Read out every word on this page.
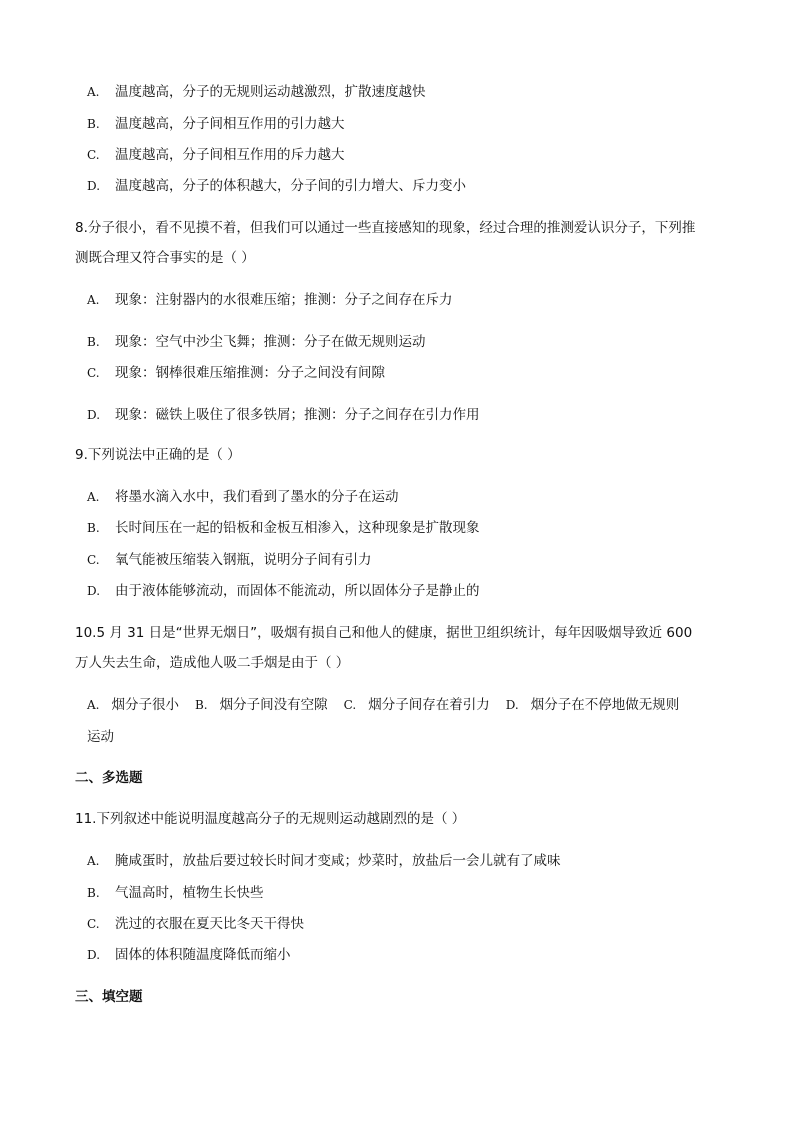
A. 温度越高，分子的无规则运动越激烈，扩散速度越快
B. 温度越高，分子间相互作用的引力越大
C. 温度越高，分子间相互作用的斥力越大
D. 温度越高，分子的体积越大，分子间的引力增大、斥力变小
8.分子很小，看不见摸不着，但我们可以通过一些直接感知的现象，经过合理的推测爱认识分子，下列推
测既合理又符合事实的是（ ）
A. 现象：注射器内的水很难压缩；推测：分子之间存在斥力
B. 现象：空气中沙尘飞舞；推测：分子在做无规则运动
C. 现象：钢棒很难压缩推测：分子之间没有间隙
D. 现象：磁铁上吸住了很多铁屑；推测：分子之间存在引力作用
9.下列说法中正确的是（ ）
A. 将墨水滴入水中，我们看到了墨水的分子在运动
B. 长时间压在一起的铅板和金板互相渗入，这种现象是扩散现象
C. 氧气能被压缩装入钢瓶，说明分子间有引力
D. 由于液体能够流动，而固体不能流动，所以固体分子是静止的
10.5 月 31 日是“世界无烟日”，吸烟有损自己和他人的健康，据世卫组织统计，每年因吸烟导致近 600
万人失去生命，造成他人吸二手烟是由于（ ）
A. 烟分子很小 B. 烟分子间没有空隙 C. 烟分子间存在着引力 D. 烟分子在不停地做无规则
运动
二、多选题
11.下列叙述中能说明温度越高分子的无规则运动越剧烈的是（ ）
A. 腌咸蛋时，放盐后要过较长时间才变咸；炒菜时，放盐后一会儿就有了咸味
B. 气温高时，植物生长快些
C. 洗过的衣服在夏天比冬天干得快
D. 固体的体积随温度降低而缩小
三、填空题
